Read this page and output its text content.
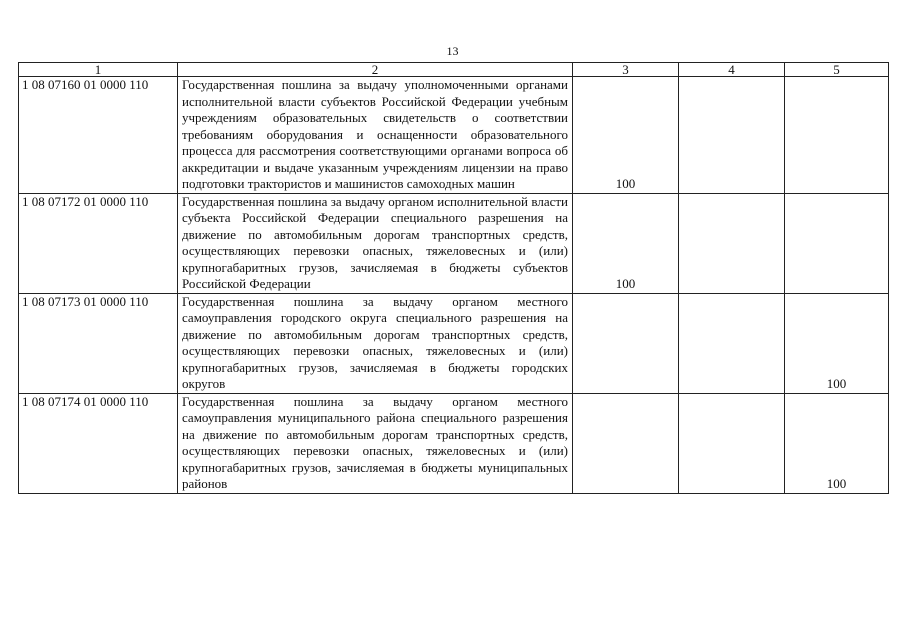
13
1	2	3	4	5
1 08 07160 01 0000 110	Государственная пошлина за выдачу уполномоченными органами исполнительной власти субъектов Российской Федерации учебным учреждениям образовательных свидетельств о соответствии требованиям оборудования и оснащенности образовательного процесса для рассмотрения соответствующими органами вопроса об аккредитации и выдаче указанным учреждениям лицензии на право подготовки трактористов и машинистов самоходных машин	100		
1 08 07172 01 0000 110	Государственная пошлина за выдачу органом исполнительной власти субъекта Российской Федерации специального разрешения на движение по автомобильным дорогам транспортных средств, осуществляющих перевозки опасных, тяжеловесных и (или) крупногабаритных грузов, зачисляемая в бюджеты субъектов Российской Федерации	100		
1 08 07173 01 0000 110	Государственная пошлина за выдачу органом местного самоуправления городского округа специального разрешения на движение по автомобильным дорогам транспортных средств, осуществляющих перевозки опасных, тяжеловесных и (или) крупногабаритных грузов, зачисляемая в бюджеты городских округов			100
1 08 07174 01 0000 110	Государственная пошлина за выдачу органом местного самоуправления муниципального района специального разрешения на движение по автомобильным дорогам транспортных средств, осуществляющих перевозки опасных, тяжеловесных и (или) крупногабаритных грузов, зачисляемая в бюджеты муниципальных районов			100
